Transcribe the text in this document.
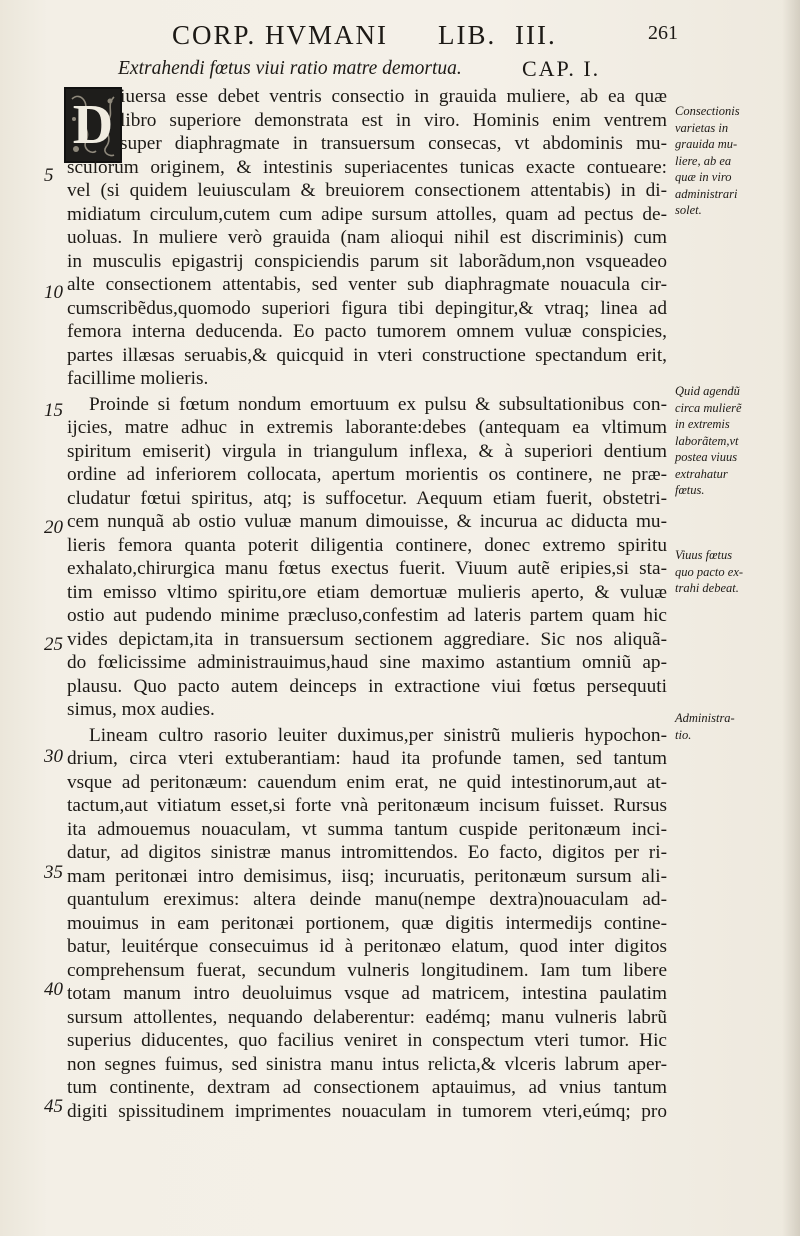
CORP. HVMANI LIB. III.	261
Extrahendi fœtus viui ratio matre demortua.	CAP. I.
D iuersa esse debet ventris consectio in grauida muliere, ab ea quæ
libro superiore demonstrata est in viro. Hominis enim ventrem
super diaphragmate in transuersum consecas, vt abdominis mu-
sculorum originem, & intestinis superiacentes tunicas exacte contueare:
vel (si quidem leuiusculam & breuiorem consectionem attentabis) in di-
midiatum circulum,cutem cum adipe sursum attolles, quam ad pectus de-
uoluas. In muliere verò grauida (nam alioqui nihil est discriminis) cum
in musculis epigastrij conspiciendis parum sit laborãdum,non vsqueadeo
alte consectionem attentabis, sed venter sub diaphragmate nouacula cir-
cumscribẽdus,quomodo superiori figura tibi depingitur,& vtraq; linea ad
femora interna deducenda. Eo pacto tumorem omnem vuluæ conspicies,
partes illæsas seruabis,& quicquid in vteri constructione spectandum erit,
facillime molieris.
Proinde si fœtum nondum emortuum ex pulsu & subsultationibus con-
ijcies, matre adhuc in extremis laborante:debes (antequam ea vltimum
spiritum emiserit) virgula in triangulum inflexa, & à superiori dentium
ordine ad inferiorem collocata, apertum morientis os continere, ne præ-
cludatur fœtui spiritus, atq; is suffocetur. Aequum etiam fuerit, obstetri-
cem nunquã ab ostio vuluæ manum dimouisse, & incurua ac diducta mu-
lieris femora quanta poterit diligentia continere, donec extremo spiritu
exhalato,chirurgica manu fœtus exectus fuerit. Viuum autẽ eripies,si sta-
tim emisso vltimo spiritu,ore etiam demortuæ mulieris aperto, & vuluæ
ostio aut pudendo minime præcluso,confestim ad lateris partem quam hic
vides depictam,ita in transuersum sectionem aggrediare. Sic nos aliquã-
do fœlicissime administrauimus,haud sine maximo astantium omniũ ap-
plausu. Quo pacto autem deinceps in extractione viui fœtus persequuti
simus, mox audies.
Lineam cultro rasorio leuiter duximus,per sinistrũ mulieris hypochon-
drium, circa vteri extuberantiam: haud ita profunde tamen, sed tantum
vsque ad peritonæum: cauendum enim erat, ne quid intestinorum,aut at-
tactum,aut vitiatum esset,si forte vnà peritonæum incisum fuisset. Rursus
ita admouemus nouaculam, vt summa tantum cuspide peritonæum inci-
datur, ad digitos sinistræ manus intromittendos. Eo facto, digitos per ri-
mam peritonæi intro demisimus, iisq; incuruatis, peritonæum sursum ali-
quantulum ereximus: altera deinde manu(nempe dextra)nouaculam ad-
mouimus in eam peritonæi portionem, quæ digitis intermedijs contine-
batur, leuitérque consecuimus id à peritonæo elatum, quod inter digitos
comprehensum fuerat, secundum vulneris longitudinem. Iam tum libere
totam manum intro deuoluimus vsque ad matricem, intestina paulatim
sursum attollentes, nequando delaberentur: eadémq; manu vulneris labrũ
superius diducentes, quo facilius veniret in conspectum vteri tumor. Hic
non segnes fuimus, sed sinistra manu intus relicta,& vlceris labrum aper-
tum continente, dextram ad consectionem aptauimus, ad vnius tantum
digiti spissitudinem imprimentes nouaculam in tumorem vteri,eúmq; pro
5
10
15
20
25
30
35
40
45
Consectionis
varietas in
grauida mu-
liere, ab ea
quæ in viro
administrari
solet.
Quid agendũ
circa mulierẽ
in extremis
laborãtem,vt
postea viuus
extrahatur
fœtus.
Viuus fœtus
quo pacto ex-
trahi debeat.
Administra-
tio.
